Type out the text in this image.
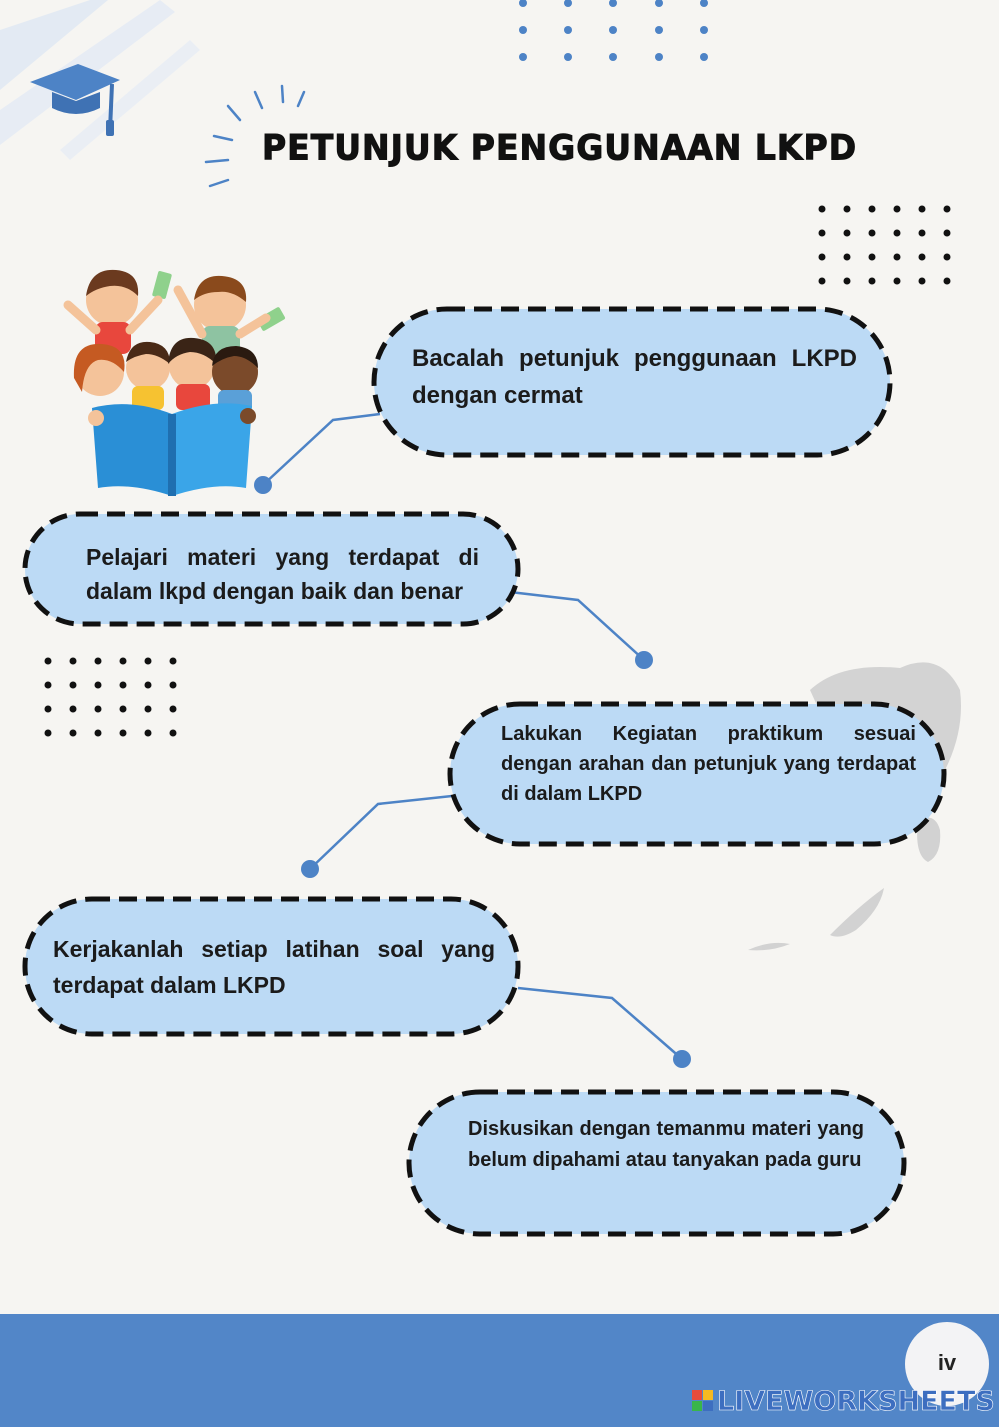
PETUNJUK PENGGUNAAN LKPD
Bacalah petunjuk penggunaan LKPD dengan cermat
Pelajari materi yang terdapat di dalam lkpd dengan baik dan benar
Lakukan Kegiatan praktikum sesuai dengan arahan dan petunjuk yang terdapat di dalam LKPD
Kerjakanlah setiap latihan soal yang terdapat dalam LKPD
Diskusikan dengan temanmu materi yang belum dipahami atau tanyakan pada guru
iv
LIVEWORKSHEETS
